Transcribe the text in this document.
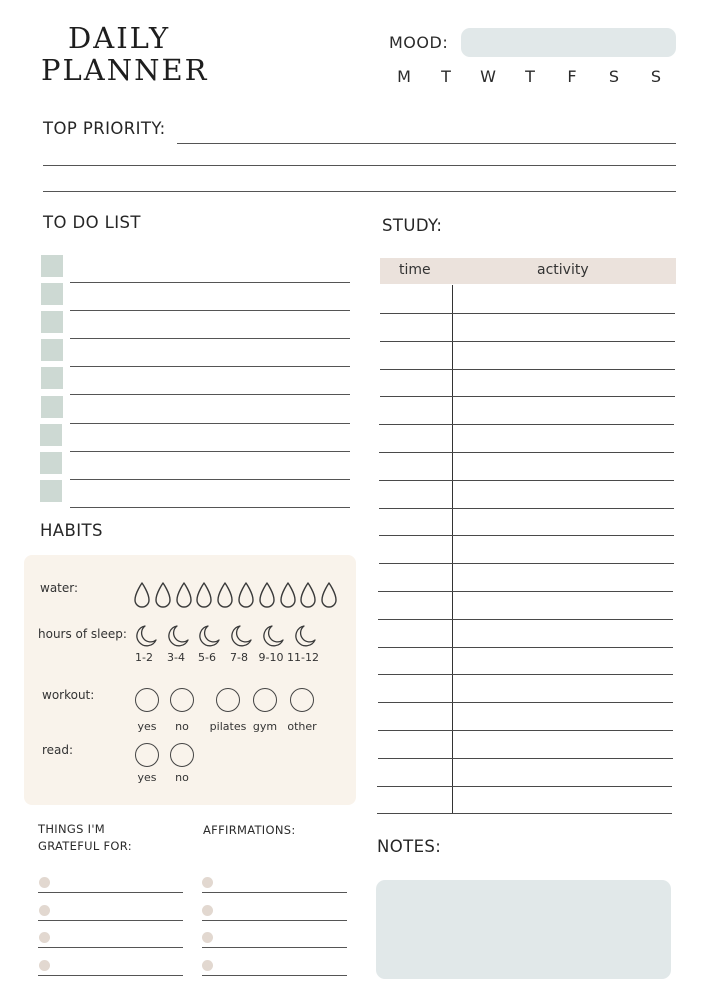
DAILY
PLANNER
MOOD:
M T W T F S S
TOP PRIORITY:
TO DO LIST	STUDY:
time	activity
HABITS
water:
hours of sleep:
1-2	3-4	5-6	7-8 9-10 11-12
workout:
yes	no	pilates gym other
read:
yes	no
THINGS I'M
GRATEFUL FOR:
AFFIRMATIONS:
NOTES:
